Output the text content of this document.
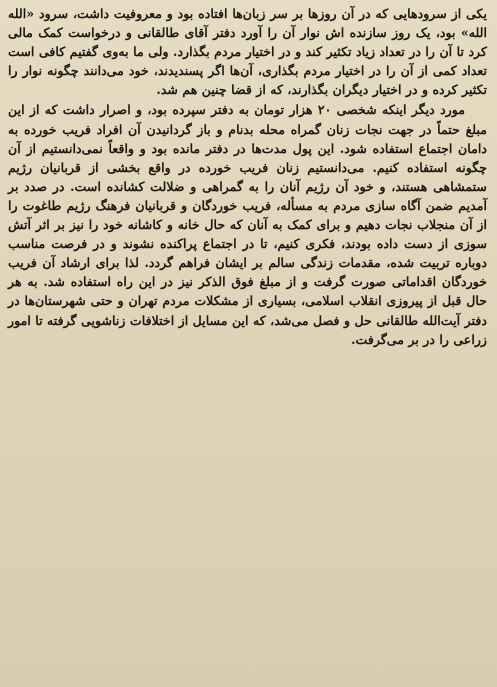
یکی از سرودهایی که در آن روزها بر سر زبان‌ها افتاده بود و معروفیت داشت، سرود «الله الله» بود، یک روز سازنده اش نوار آن را آورد دفتر آقای طالقانی و درخواست کمک مالی کرد تا آن را در تعداد زیاد تکثیر کند و در اختیار مردم بگذارد. ولی ما به‌وی گفتیم کافی است تعداد کمی از آن را در اختیار مردم بگذاری، آن‌ها اگر پسندیدند، خود می‌دانند چگونه نوار را تکثیر کرده و در اختیار دیگران بگذارند، که از قضا چنین هم شد.

مورد دیگر اینکه شخصی ۲۰ هزار تومان به دفتر سپرده بود، و اصرار داشت که از این مبلغ حتماً در جهت نجات زنان گمراه محله بدنام و باز گردانیدن آن افراد فریب خورده به دامان اجتماع استفاده شود. این پول مدت‌ها در دفتر مانده بود و واقعاً نمی‌دانستیم از آن چگونه استفاده کنیم. می‌دانستیم زنان فریب خورده در واقع بخشی از قربانیان رژیم ستمشاهی هستند، و خود آن رژیم آنان را به گمراهی و ضلالت کشانده است. در صدد بر آمدیم ضمن آگاه سازی مردم به مسأله، فریب خوردگان و قربانیان فرهنگ رژیم طاغوت را از آن منجلاب نجات دهیم و برای کمک به آنان که حال خانه و کاشانه خود را نیز بر اثر آتش سوزی از دست داده بودند، فکری کنیم، تا در اجتماع پراکنده نشوند و در فرصت مناسب دوباره تربیت شده، مقدمات زندگی سالم بر ایشان فراهم گردد. لذا برای ارشاد آن فریب خوردگان اقداماتی صورت گرفت و از مبلغ فوق الذکر نیز در این راه استفاده شد. به هر حال قبل از پیروزی انقلاب اسلامی، بسیاری از مشکلات مردم تهران و حتی شهرستان‌ها در دفتر آیت‌الله طالقانی حل و فصل می‌شد، که این مسایل از اختلافات زناشویی گرفته تا امور زراعی را در بر می‌گرفت.
